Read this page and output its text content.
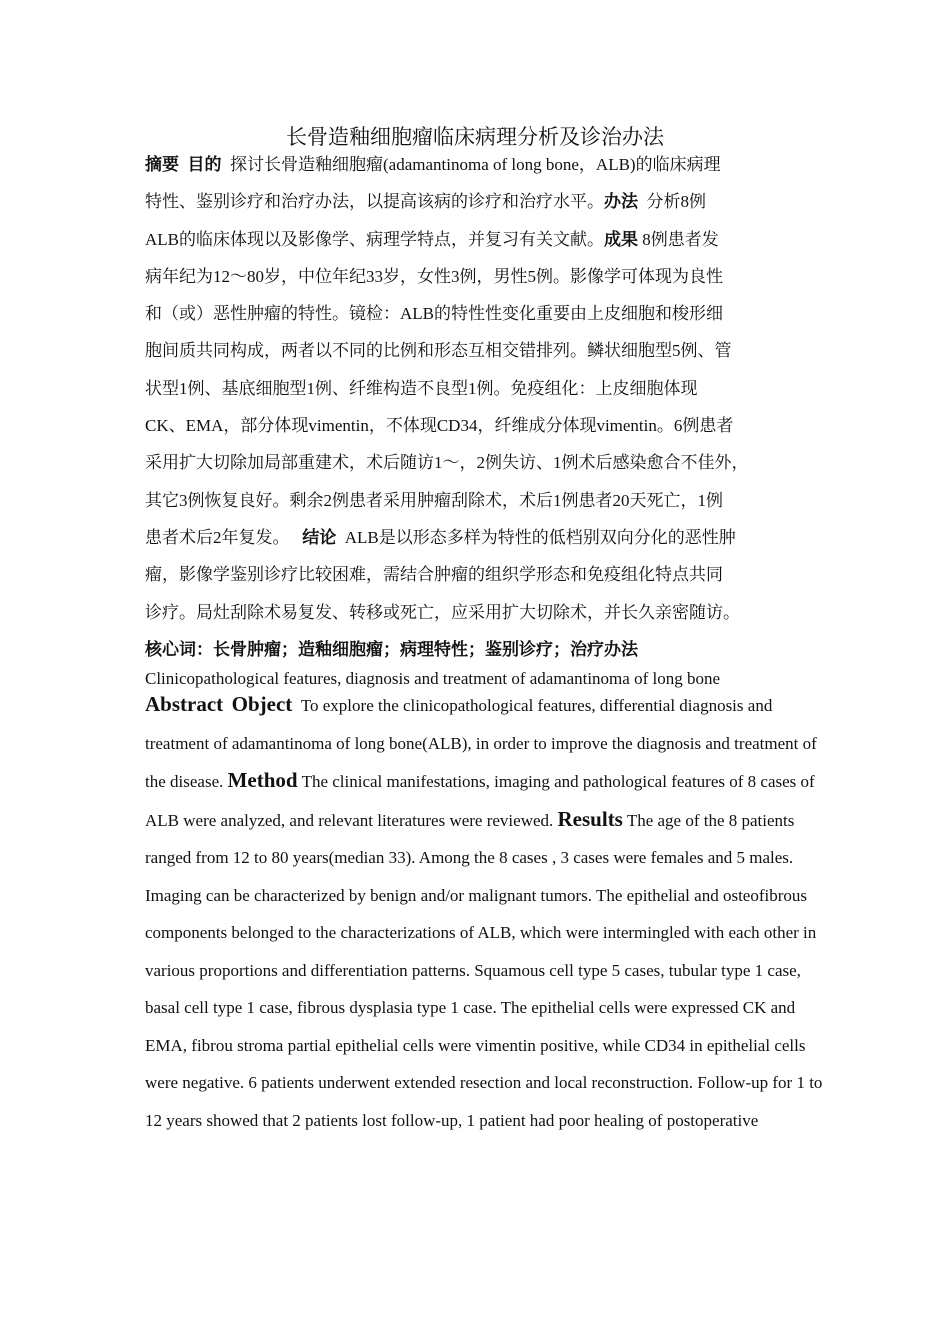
长骨造釉细胞瘤临床病理分析及诊治办法
摘要 目的 探讨长骨造釉细胞瘤(adamantinoma of long bone，ALB)的临床病理
特性、鉴别诊疗和治疗办法，以提高该病的诊疗和治疗水平。办法 分析8例
ALB的临床体现以及影像学、病理学特点，并复习有关文献。成果 8例患者发
病年纪为12～80岁，中位年纪33岁，女性3例，男性5例。影像学可体现为良性
和（或）恶性肿瘤的特性。镜检：ALB的特性性变化重要由上皮细胞和梭形细
胞间质共同构成，两者以不同的比例和形态互相交错排列。鳞状细胞型5例、管
状型1例、基底细胞型1例、纤维构造不良型1例。免疫组化：上皮细胞体现
CK、EMA，部分体现vimentin，不体现CD34，纤维成分体现vimentin。6例患者
采用扩大切除加局部重建术，术后随访1～，2例失访、1例术后感染愈合不佳外，
其它3例恢复良好。剩余2例患者采用肿瘤刮除术，术后1例患者20天死亡，1例
患者术后2年复发。 结论 ALB是以形态多样为特性的低档别双向分化的恶性肿
瘤，影像学鉴别诊疗比较困难，需结合肿瘤的组织学形态和免疫组化特点共同
诊疗。局灶刮除术易复发、转移或死亡，应采用扩大切除术，并长久亲密随访。
核心词：长骨肿瘤；造釉细胞瘤；病理特性；鉴别诊疗；治疗办法
Clinicopathological features, diagnosis and treatment of adamantinoma of long bone
Abstract Object To explore the clinicopathological features, differential diagnosis and treatment of adamantinoma of long bone(ALB), in order to improve the diagnosis and treatment of the disease. Method The clinical manifestations, imaging and pathological features of 8 cases of ALB were analyzed, and relevant literatures were reviewed. Results The age of the 8 patients ranged from 12 to 80 years(median 33). Among the 8 cases , 3 cases were females and 5 males. Imaging can be characterized by benign and/or malignant tumors. The epithelial and osteofibrous components belonged to the characterizations of ALB, which were intermingled with each other in various proportions and differentiation patterns. Squamous cell type 5 cases, tubular type 1 case, basal cell type 1 case, fibrous dysplasia type 1 case. The epithelial cells were expressed CK and EMA, fibrou stroma partial epithelial cells were vimentin positive, while CD34 in epithelial cells were negative. 6 patients underwent extended resection and local reconstruction. Follow-up for 1 to 12 years showed that 2 patients lost follow-up, 1 patient had poor healing of postoperative
